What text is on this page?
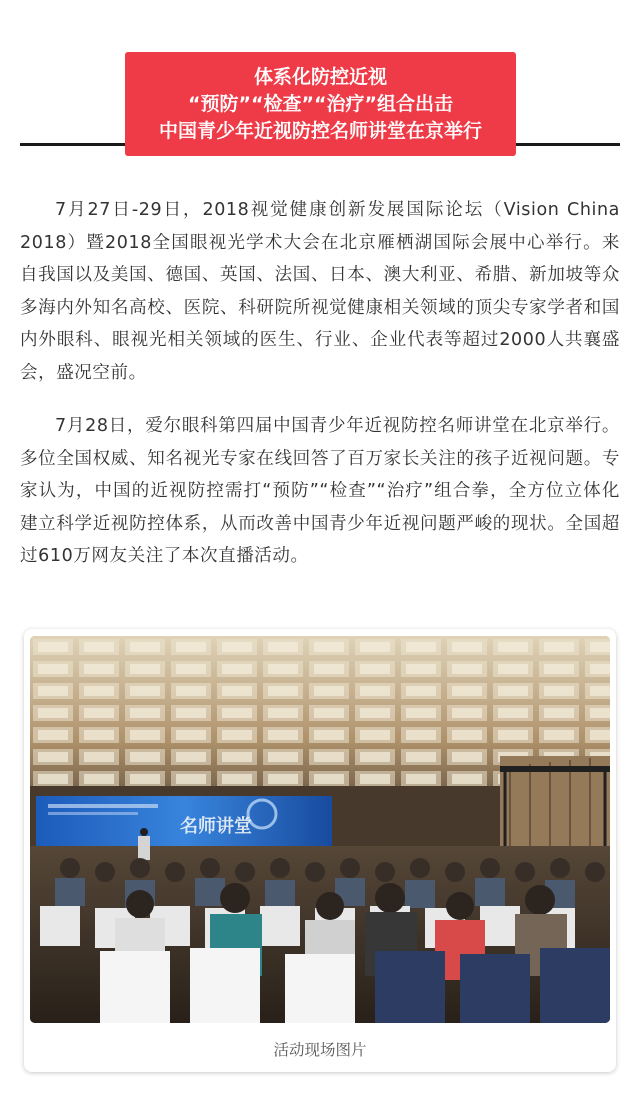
体系化防控近视
“预防”“检查”“治疗”组合出击
中国青少年近视防控名师讲堂在京举行

7月27日-29日，2018视觉健康创新发展国际论坛（Vision China 2018）暨2018全国眼视光学术大会在北京雁栖湖国际会展中心举行。来自我国以及美国、德国、英国、法国、日本、澳大利亚、希腊、新加坡等众多海内外知名高校、医院、科研院所视觉健康相关领域的顶尖专家学者和国内外眼科、眼视光相关领域的医生、行业、企业代表等超过2000人共襄盛会，盛况空前。

7月28日，爱尔眼科第四届中国青少年近视防控名师讲堂在北京举行。多位全国权威、知名视光专家在线回答了百万家长关注的孩子近视问题。专家认为，中国的近视防控需打“预防”“检查”“治疗”组合拳，全方位立体化建立科学近视防控体系，从而改善中国青少年近视问题严峻的现状。全国超过610万网友关注了本次直播活动。

名师讲堂
活动现场图片
